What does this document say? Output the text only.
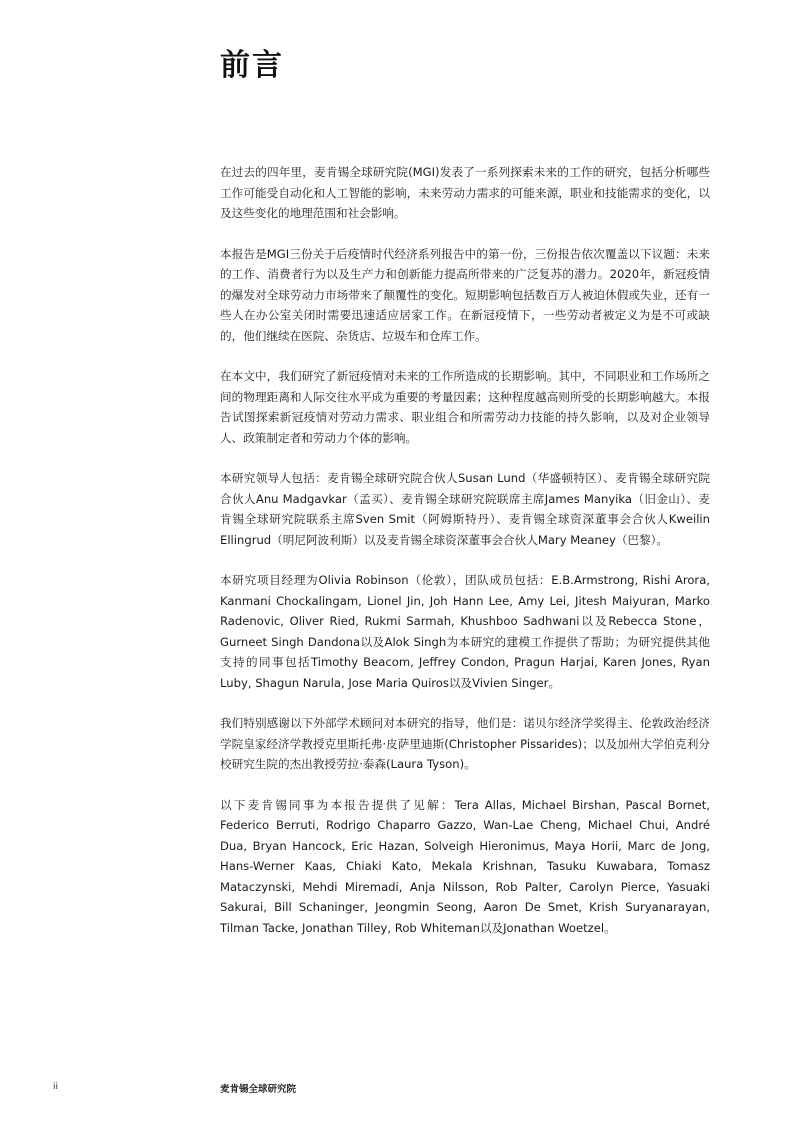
前言

在过去的四年里，麦肯锡全球研究院(MGI)发表了一系列探索未来的工作的研究，包括分析哪些工作可能受自动化和人工智能的影响，未来劳动力需求的可能来源，职业和技能需求的变化，以及这些变化的地理范围和社会影响。

本报告是MGI三份关于后疫情时代经济系列报告中的第一份，三份报告依次覆盖以下议题：未来的工作、消费者行为以及生产力和创新能力提高所带来的广泛复苏的潜力。2020年，新冠疫情的爆发对全球劳动力市场带来了颠覆性的变化。短期影响包括数百万人被迫休假或失业，还有一些人在办公室关闭时需要迅速适应居家工作。在新冠疫情下，一些劳动者被定义为是不可或缺的，他们继续在医院、杂货店、垃圾车和仓库工作。

在本文中，我们研究了新冠疫情对未来的工作所造成的长期影响。其中，不同职业和工作场所之间的物理距离和人际交往水平成为重要的考量因素；这种程度越高则所受的长期影响越大。本报告试图探索新冠疫情对劳动力需求、职业组合和所需劳动力技能的持久影响，以及对企业领导人、政策制定者和劳动力个体的影响。

本研究领导人包括：麦肯锡全球研究院合伙人Susan Lund（华盛顿特区）、麦肯锡全球研究院合伙人Anu Madgavkar（孟买）、麦肯锡全球研究院联席主席James Manyika（旧金山）、麦肯锡全球研究院联系主席Sven Smit（阿姆斯特丹）、麦肯锡全球资深董事会合伙人Kweilin Ellingrud（明尼阿波利斯）以及麦肯锡全球资深董事会合伙人Mary Meaney（巴黎）。

本研究项目经理为Olivia Robinson（伦敦），团队成员包括：E.B.Armstrong, Rishi Arora, Kanmani Chockalingam, Lionel Jin, Joh Hann Lee, Amy Lei, Jitesh Maiyuran, Marko Radenovic, Oliver Ried, Rukmi Sarmah, Khushboo Sadhwani以及Rebecca Stone，Gurneet Singh Dandona以及Alok Singh为本研究的建模工作提供了帮助；为研究提供其他支持的同事包括Timothy Beacom, Jeffrey Condon, Pragun Harjai, Karen Jones, Ryan Luby, Shagun Narula, Jose Maria Quiros以及Vivien Singer。

我们特别感谢以下外部学术顾问对本研究的指导，他们是：诺贝尔经济学奖得主、伦敦政治经济学院皇家经济学教授克里斯托弗·皮萨里迪斯(Christopher Pissarides)；以及加州大学伯克利分校研究生院的杰出教授劳拉·泰森(Laura Tyson)。

以下麦肯锡同事为本报告提供了见解：Tera Allas, Michael Birshan, Pascal Bornet, Federico Berruti, Rodrigo Chaparro Gazzo, Wan-Lae Cheng, Michael Chui, André Dua, Bryan Hancock, Eric Hazan, Solveigh Hieronimus, Maya Horii, Marc de Jong, Hans-Werner Kaas, Chiaki Kato, Mekala Krishnan, Tasuku Kuwabara, Tomasz Mataczynski, Mehdi Miremadi, Anja Nilsson, Rob Palter, Carolyn Pierce, Yasuaki Sakurai, Bill Schaninger, Jeongmin Seong, Aaron De Smet, Krish Suryanarayan, Tilman Tacke, Jonathan Tilley, Rob Whiteman以及Jonathan Woetzel。

ii	麦肯锡全球研究院
